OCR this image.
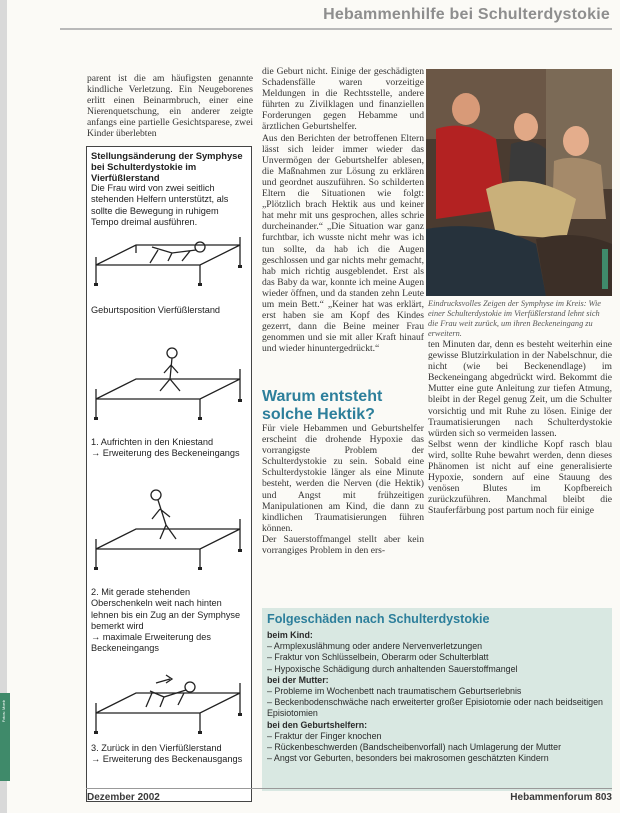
Fotos: Moeb
Hebammenhilfe bei Schulterdystokie

parent ist die am häufigsten genannte kindliche Verletzung. Ein Neugeborenes erlitt einen Beinarmbruch, einer eine Nierenquetschung, ein anderer zeigte anfangs eine partielle Gesichtsparese, zwei Kinder überlebten

Stellungsänderung der Symphyse bei Schulterdystokie im Vierfüßlerstand
Die Frau wird von zwei seitlich stehenden Helfern unterstützt, als sollte die Bewegung in ruhigem Tempo dreimal ausführen.
Geburtsposition Vierfüßlerstand
1. Aufrichten in den Kniestand
→ Erweiterung des Beckeneingangs
2. Mit gerade stehenden Oberschenkeln weit nach hinten lehnen bis ein Zug an der Symphyse bemerkt wird
→ maximale Erweiterung des Beckeneingangs
3. Zurück in den Vierfüßlerstand
→ Erweiterung des Beckenausgangs

die Geburt nicht. Einige der geschädigten Schadensfälle waren vorzeitige Meldungen in die Rechtsstelle, andere führten zu Zivilklagen und finanziellen Forderungen gegen Hebamme und ärztlichen Geburtshelfer.
Aus den Berichten der betroffenen Eltern lässt sich leider immer wieder das Unvermögen der Geburtshelfer ablesen, die Maßnahmen zur Lösung zu erklären und geordnet auszuführen. So schilderten Eltern die Situationen wie folgt: „Plötzlich brach Hektik aus und keiner hat mehr mit uns gesprochen, alles schrie durcheinander.“ „Die Situation war ganz furchtbar, ich wusste nicht mehr was ich tun sollte, da hab ich die Augen geschlossen und gar nichts mehr gemacht, hab mich richtig ausgeblendet. Erst als das Baby da war, konnte ich meine Augen wieder öffnen, und da standen zehn Leute um mein Bett.“ „Keiner hat was erklärt, erst haben sie am Kopf des Kindes gezerrt, dann die Beine meiner Frau genommen und sie mit aller Kraft hinauf und wieder hinuntergedrückt.“

Warum entsteht solche Hektik?

Für viele Hebammen und Geburtshelfer erscheint die drohende Hypoxie das vorrangigste Problem der Schulterdystokie zu sein. Sobald eine Schulterdystokie länger als eine Minute besteht, werden die Nerven (die Hektik) und Angst mit frühzeitigen Manipulationen am Kind, die dann zu kindlichen Traumatisierungen führen können.
Der Sauerstoffmangel stellt aber kein vorrangiges Problem in den ers-

Eindrucksvolles Zeigen der Symphyse im Kreis: Wie einer Schulterdystokie im Vierfüßlerstand lehnt sich die Frau weit zurück, um ihren Beckeneingang zu erweitern.

ten Minuten dar, denn es besteht weiterhin eine gewisse Blutzirkulation in der Nabelschnur, die nicht (wie bei Beckenendlage) im Beckeneingang abgedrückt wird. Bekommt die Mutter eine gute Anleitung zur tiefen Atmung, bleibt in der Regel genug Zeit, um die Schulter vorsichtig und mit Ruhe zu lösen. Einige der Traumatisierungen nach Schulterdystokie würden sich so vermeiden lassen.
Selbst wenn der kindliche Kopf rasch blau wird, sollte Ruhe bewahrt werden, denn dieses Phänomen ist nicht auf eine generalisierte Hypoxie, sondern auf eine Stauung des venösen Blutes im Kopfbereich zurückzuführen. Manchmal bleibt die Stauferfärbung post partum noch für einige

Folgeschäden nach Schulterdystokie
beim Kind:
– Armplexuslähmung oder andere Nervenverletzungen
– Fraktur von Schlüsselbein, Oberarm oder Schulterblatt
– Hypoxische Schädigung durch anhaltenden Sauerstoffmangel
bei der Mutter:
– Probleme im Wochenbett nach traumatischem Geburtserlebnis
– Beckenbodenschwäche nach erweiterter großer Episiotomie oder nach beidseitigen Episiotomien
bei den Geburtshelfern:
– Fraktur der Finger knochen
– Rückenbeschwerden (Bandscheibenvorfall) nach Umlagerung der Mutter
– Angst vor Geburten, besonders bei makrosomen geschätzten Kindern
Dezember 2002	Hebammenforum 803
